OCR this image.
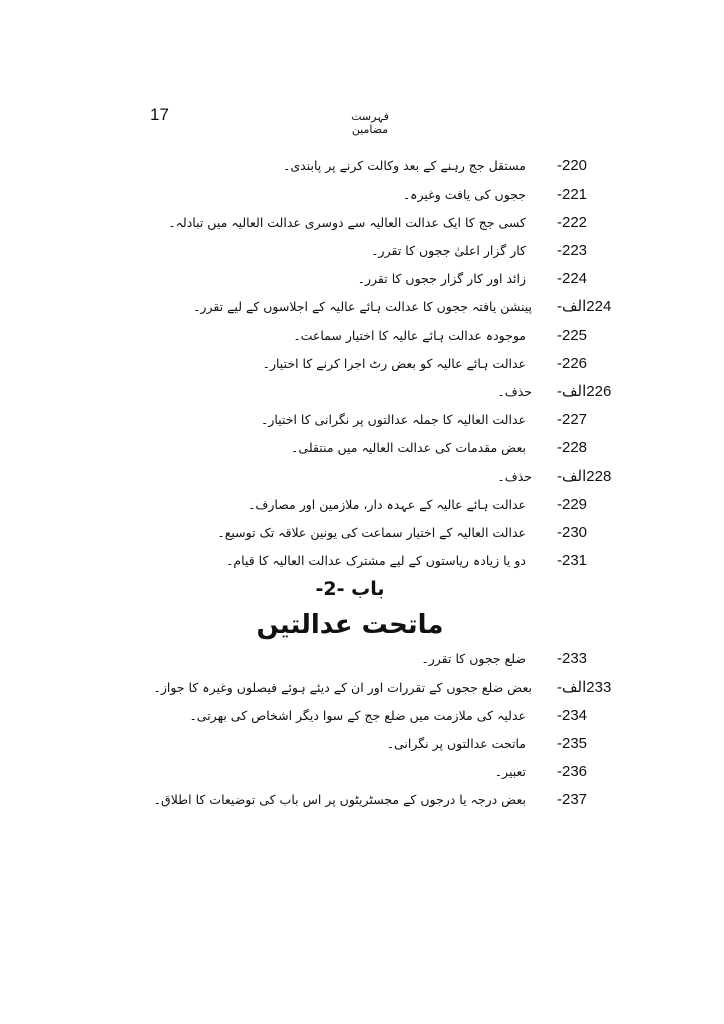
17	فہرست مضامین
-220
مستقل جج رہنے کے بعد وکالت کرنے پر پابندی۔
-221
ججوں کی یافت وغیرہ۔
-222
کسی جج کا ایک عدالت العالیہ سے دوسری عدالت العالیہ میں تبادلہ۔
-223
کار گزار اعلیٰ ججوں کا تقرر۔
-224
زائد اور کار گزار ججوں کا تقرر۔
224الف-
پینشن یافتہ ججوں کا عدالت ہائے عالیہ کے اجلاسوں کے لیے تقرر۔
-225
موجودہ عدالت ہائے عالیہ کا اختیار سماعت۔
-226
عدالت ہائے عالیہ کو بعض رٹ اجرا کرنے کا اختیار۔
226الف-
حذف۔
-227
عدالت العالیہ کا جملہ عدالتوں پر نگرانی کا اختیار۔
-228
بعض مقدمات کی عدالت العالیہ میں منتقلی۔
228الف-
حذف۔
-229
عدالت ہائے عالیہ کے عہدہ دار، ملازمین اور مصارف۔
-230
عدالت العالیہ کے اختیار سماعت کی یونین علاقہ تک توسیع۔
-231
دو یا زیادہ ریاستوں کے لیے مشترک عدالت العالیہ کا قیام۔
باب -2-
ماتحت عدالتیں
-233
ضلع ججوں کا تقرر۔
233الف-
بعض ضلع ججوں کے تقررات اور ان کے دیئے ہوئے فیصلوں وغیرہ کا جواز۔
-234
عدلیہ کی ملازمت میں ضلع جج کے سوا دیگر اشخاص کی بھرتی۔
-235
ماتحت عدالتوں پر نگرانی۔
-236
تعبیر۔
-237
بعض درجہ یا درجوں کے مجسٹریٹوں پر اس باب کی توضیعات کا اطلاق۔
